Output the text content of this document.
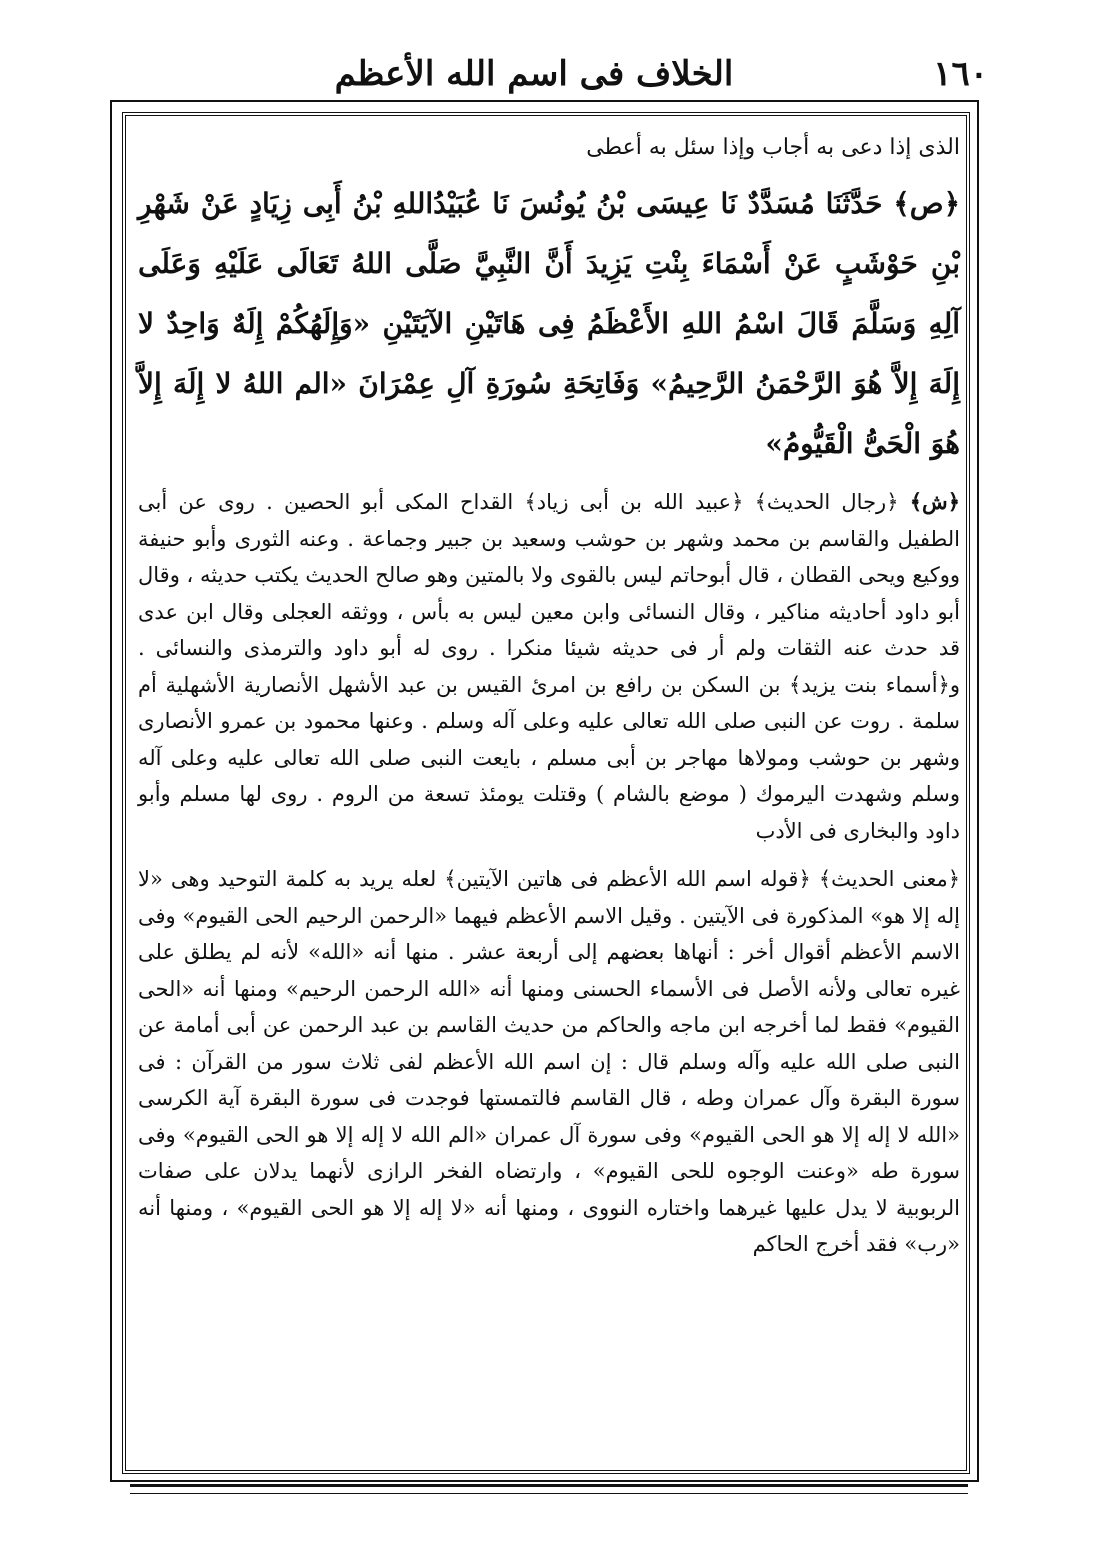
الخلاف فى اسم الله الأعظم	١٦٠

الذى إذا دعى به أجاب وإذا سئل به أعطى

﴿ص﴾ حَدَّثَنَا مُسَدَّدٌ نَا عِيسَى بْنُ يُونُسَ نَا عُبَيْدُاللهِ بْنُ أَبِى زِيَادٍ عَنْ شَهْرِ بْنِ حَوْشَبٍ عَنْ أَسْمَاءَ بِنْتِ يَزِيدَ أَنَّ النَّبِيَّ صَلَّى اللهُ تَعَالَى عَلَيْهِ وَعَلَى آلِهِ وَسَلَّمَ قَالَ اسْمُ اللهِ الأَعْظَمُ فِى هَاتَيْنِ الآيَتَيْنِ «وَإِلَهُكُمْ إِلَهٌ وَاحِدٌ لا إِلَهَ إِلاَّ هُوَ الرَّحْمَنُ الرَّحِيمُ» وَفَاتِحَةِ سُورَةِ آلِ عِمْرَانَ «الم اللهُ لا إِلَهَ إِلاَّ هُوَ الْحَىُّ الْقَيُّومُ»

﴿ش﴾ ﴿رجال الحديث﴾ ﴿عبيد الله بن أبى زياد﴾ القداح المكى أبو الحصين . روى عن أبى الطفيل والقاسم بن محمد وشهر بن حوشب وسعيد بن جبير وجماعة . وعنه الثورى وأبو حنيفة ووكيع ويحى القطان ، قال أبوحاتم ليس بالقوى ولا بالمتين وهو صالح الحديث يكتب حديثه ، وقال أبو داود أحاديثه مناكير ، وقال النسائى وابن معين ليس به بأس ، ووثقه العجلى وقال ابن عدى قد حدث عنه الثقات ولم أر فى حديثه شيئا منكرا . روى له أبو داود والترمذى والنسائى . و﴿أسماء بنت يزيد﴾ بن السكن بن رافع بن امرئ القيس بن عبد الأشهل الأنصارية الأشهلية أم سلمة . روت عن النبى صلى الله تعالى عليه وعلى آله وسلم . وعنها محمود بن عمرو الأنصارى وشهر بن حوشب ومولاها مهاجر بن أبى مسلم ، بايعت النبى صلى الله تعالى عليه وعلى آله وسلم وشهدت اليرموك ( موضع بالشام ) وقتلت يومئذ تسعة من الروم . روى لها مسلم وأبو داود والبخارى فى الأدب

﴿معنى الحديث﴾ ﴿قوله اسم الله الأعظم فى هاتين الآيتين﴾ لعله يريد به كلمة التوحيد وهى «لا إله إلا هو» المذكورة فى الآيتين . وقيل الاسم الأعظم فيهما «الرحمن الرحيم الحى القيوم» وفى الاسم الأعظم أقوال أخر : أنهاها بعضهم إلى أربعة عشر . منها أنه «الله» لأنه لم يطلق على غيره تعالى ولأنه الأصل فى الأسماء الحسنى ومنها أنه «الله الرحمن الرحيم» ومنها أنه «الحى القيوم» فقط لما أخرجه ابن ماجه والحاكم من حديث القاسم بن عبد الرحمن عن أبى أمامة عن النبى صلى الله عليه وآله وسلم قال : إن اسم الله الأعظم لفى ثلاث سور من القرآن : فى سورة البقرة وآل عمران وطه ، قال القاسم فالتمستها فوجدت فى سورة البقرة آية الكرسى «الله لا إله إلا هو الحى القيوم» وفى سورة آل عمران «الم الله لا إله إلا هو الحى القيوم» وفى سورة طه «وعنت الوجوه للحى القيوم» ، وارتضاه الفخر الرازى لأنهما يدلان على صفات الربوبية لا يدل عليها غيرهما واختاره النووى ، ومنها أنه «لا إله إلا هو الحى القيوم» ، ومنها أنه «رب» فقد أخرج الحاكم
